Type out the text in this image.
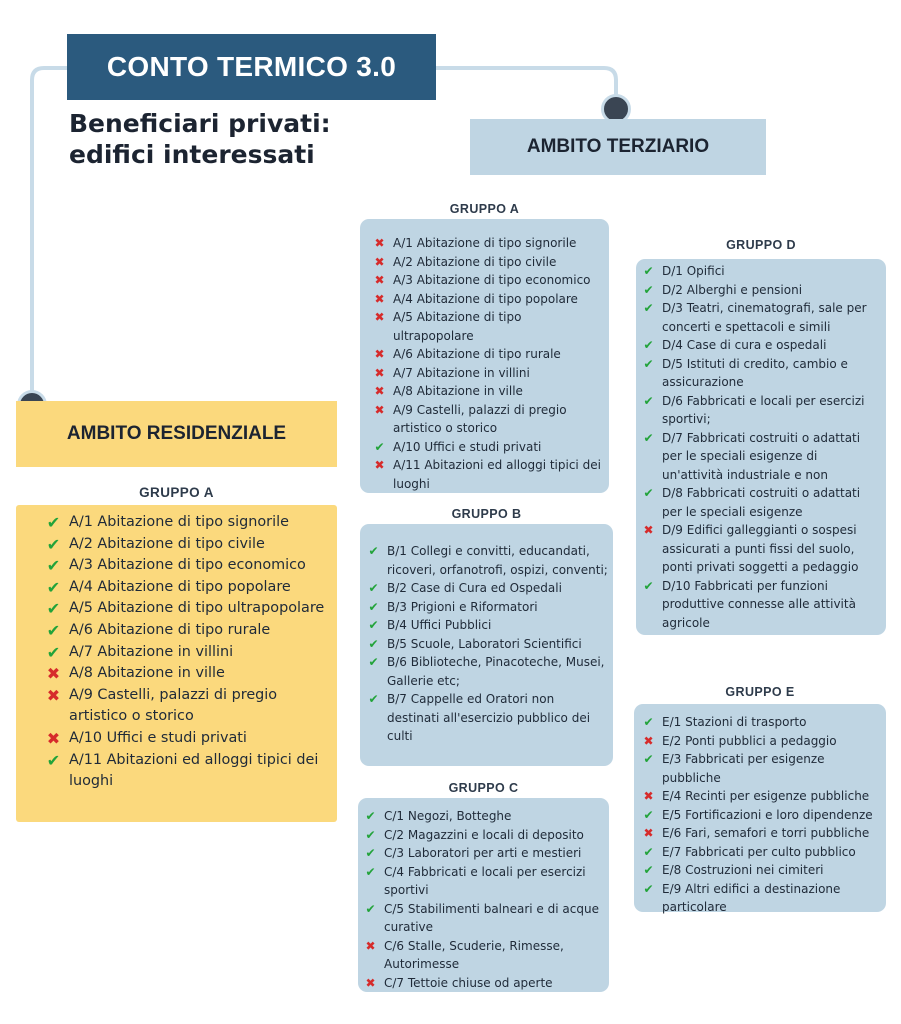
CONTO TERMICO 3.0
Beneficiari privati:
edifici interessati	AMBITO TERZIARIO
AMBITO RESIDENZIALE
GRUPPO A
✖ A/1 Abitazione di tipo signorile
✖ A/2 Abitazione di tipo civile
✖ A/3 Abitazione di tipo economico
✖ A/4 Abitazione di tipo popolare
✖ A/5 Abitazione di tipo ultrapopolare
✖ A/6 Abitazione di tipo rurale
✖ A/7 Abitazione in villini
✖ A/8 Abitazione in ville
✖ A/9 Castelli, palazzi di pregio artistico o storico
✔ A/10 Uffici e studi privati
✖ A/11 Abitazioni ed alloggi tipici dei luoghi
GRUPPO B
✔ B/1 Collegi e convitti, educandati, ricoveri, orfanotrofi, ospizi, conventi;
✔ B/2 Case di Cura ed Ospedali
✔ B/3 Prigioni e Riformatori
✔ B/4 Uffici Pubblici
✔ B/5 Scuole, Laboratori Scientifici
✔ B/6 Biblioteche, Pinacoteche, Musei, Gallerie etc;
✔ B/7 Cappelle ed Oratori non destinati all'esercizio pubblico dei culti
GRUPPO C
✔ C/1 Negozi, Botteghe
✔ C/2 Magazzini e locali di deposito
✔ C/3 Laboratori per arti e mestieri
✔ C/4 Fabbricati e locali per esercizi sportivi
✔ C/5 Stabilimenti balneari e di acque curative
✖ C/6 Stalle, Scuderie, Rimesse, Autorimesse
✖ C/7 Tettoie chiuse od aperte
GRUPPO D
✔ D/1 Opifici
✔ D/2 Alberghi e pensioni
✔ D/3 Teatri, cinematografi, sale per concerti e spettacoli e simili
✔ D/4 Case di cura e ospedali
✔ D/5 Istituti di credito, cambio e assicurazione
✔ D/6 Fabbricati e locali per esercizi sportivi;
✔ D/7 Fabbricati costruiti o adattati per le speciali esigenze di un'attività industriale e non
✔ D/8 Fabbricati costruiti o adattati per le speciali esigenze
✖ D/9 Edifici galleggianti o sospesi assicurati a punti fissi del suolo, ponti privati soggetti a pedaggio
✔ D/10 Fabbricati per funzioni produttive connesse alle attività agricole
GRUPPO E
✔ E/1 Stazioni di trasporto
✖ E/2 Ponti pubblici a pedaggio
✔ E/3 Fabbricati per esigenze pubbliche
✖ E/4 Recinti per esigenze pubbliche
✔ E/5 Fortificazioni e loro dipendenze
✖ E/6 Fari, semafori e torri pubbliche
✔ E/7 Fabbricati per culto pubblico
✔ E/8 Costruzioni nei cimiteri
✔ E/9 Altri edifici a destinazione particolare
GRUPPO A
✔ A/1 Abitazione di tipo signorile
✔ A/2 Abitazione di tipo civile
✔ A/3 Abitazione di tipo economico
✔ A/4 Abitazione di tipo popolare
✔ A/5 Abitazione di tipo ultrapopolare
✔ A/6 Abitazione di tipo rurale
✔ A/7 Abitazione in villini
✖ A/8 Abitazione in ville
✖ A/9 Castelli, palazzi di pregio artistico o storico
✖ A/10 Uffici e studi privati
✔ A/11 Abitazioni ed alloggi tipici dei luoghi
